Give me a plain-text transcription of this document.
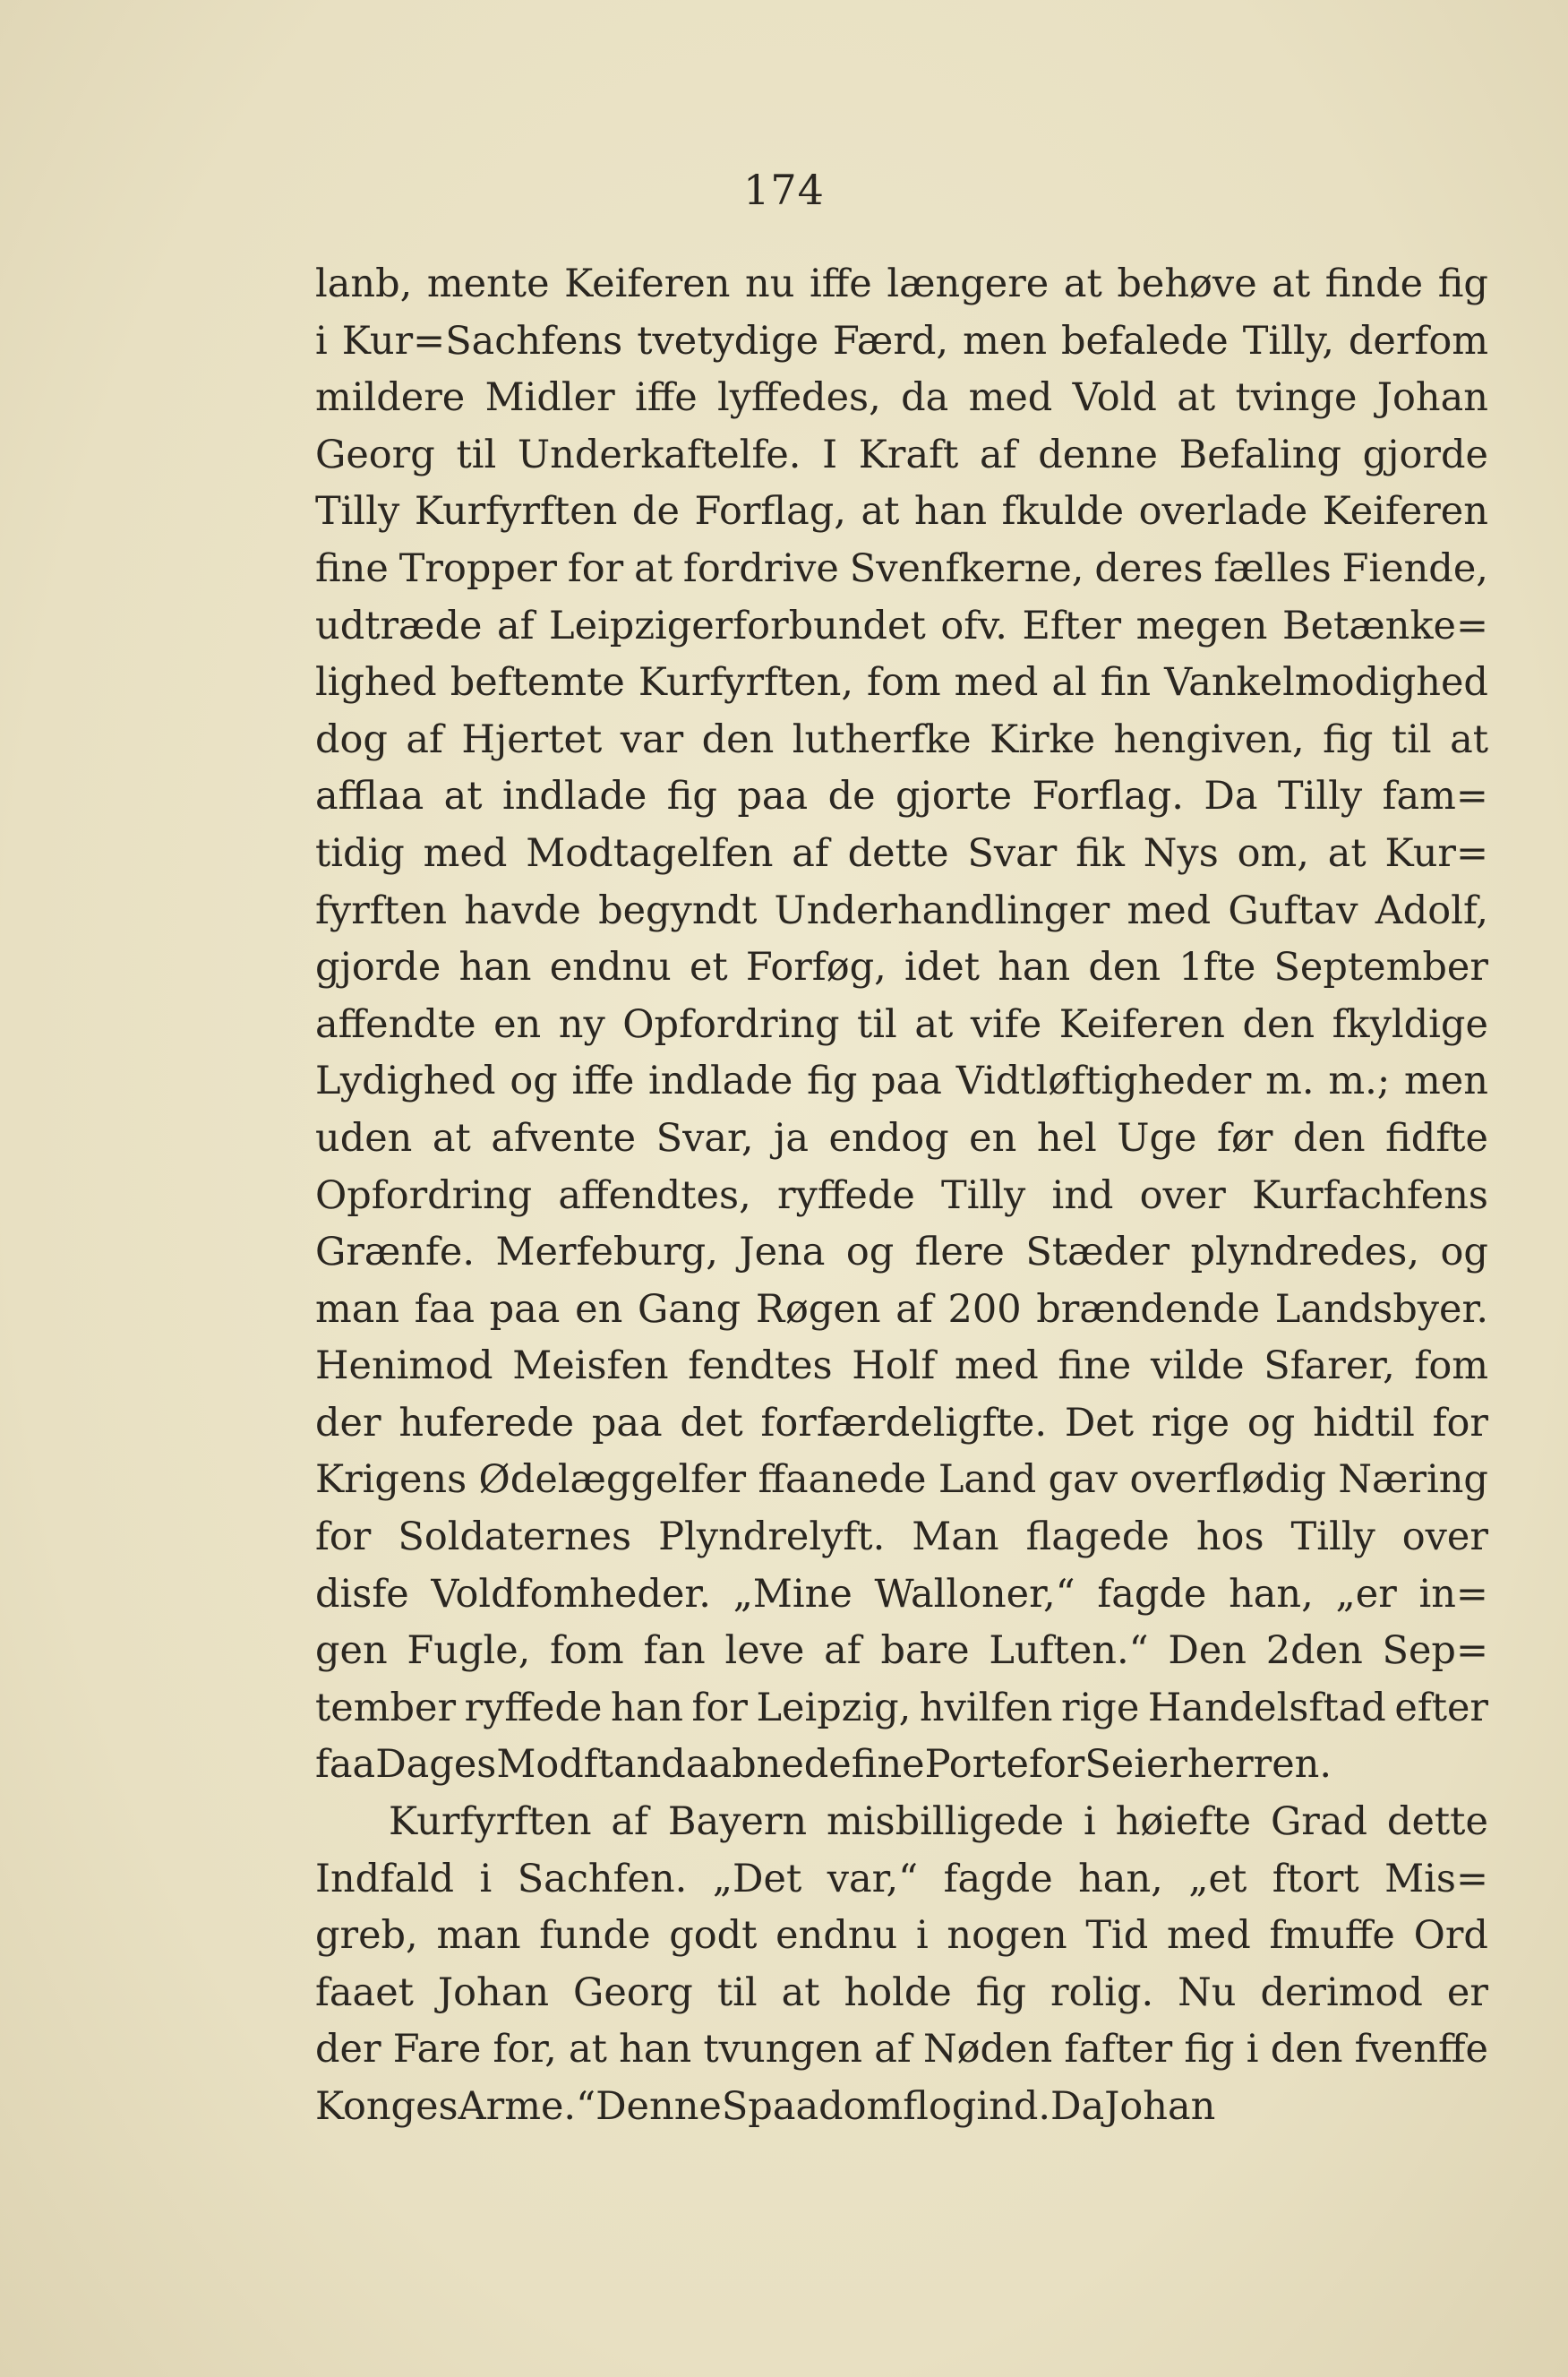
174
lanb, mente Keiferen nu iffe længere at behøve at finde fig
i Kur=Sachfens tvetydige Færd, men befalede Tilly, derfom
mildere Midler iffe lyffedes, da med Vold at tvinge Johan
Georg til Underkaftelfe. I Kraft af denne Befaling gjorde
Tilly Kurfyrften de Forflag, at han fkulde overlade Keiferen
fine Tropper for at fordrive Svenfkerne, deres fælles Fiende,
udtræde af Leipzigerforbundet ofv. Efter megen Betænke=
lighed beftemte Kurfyrften, fom med al fin Vankelmodighed
dog af Hjertet var den lutherfke Kirke hengiven, fig til at
afflaа at indlade fig paa de gjorte Forflag. Da Tilly fam=
tidig med Modtagelfen af dette Svar fik Nys om, at Kur=
fyrften havde begyndt Underhandlinger med Guftav Adolf,
gjorde han endnu et Forføg, idet han den 1fte September
affendte en ny Opfordring til at vife Keiferen den fkyldige
Lydighed og iffe indlade fig paa Vidtløftigheder m. m.; men
uden at afvente Svar, ja endog en hel Uge før den fidfte
Opfordring affendtes, ryffede Tilly ind over Kurfachfens
Grænfe. Merfeburg, Jena og flere Stæder plyndredes, og
man faa paa en Gang Røgen af 200 brændende Landsbyer.
Henimod Meisfen fendtes Holf med fine vilde Sfarer, fom
der huferedе paa det forfærdeligfte. Det rige og hidtil for
Krigens Ødelæggelfer ffaanede Land gav overflødig Næring
for Soldaternes Plyndrelyft. Man flagede hos Tilly over
disfe Voldfomheder. „Mine Walloner,“ fagde han, „er in=
gen Fugle, fom fan leve af bare Luften.“ Den 2den Sep=
tember ryffede han for Leipzig, hvilfen rige Handelsftad efter
faa Dages Modftand aabnede fine Porte for Seierherren.
Kurfyrften af Bayern misbilligede i høiefte Grad dette
Indfald i Sachfen. „Det var,“ fagde han, „et ftort Mis=
greb, man funde godt endnu i nogen Tid med fmuffe Ord
faaet Johan Georg til at holde fig rolig. Nu derimod er
der Fare for, at han tvungen af Nøden fafter fig i den fvenffe
Konges Arme.“ Denne Spaadom flog ind. Da Johan
